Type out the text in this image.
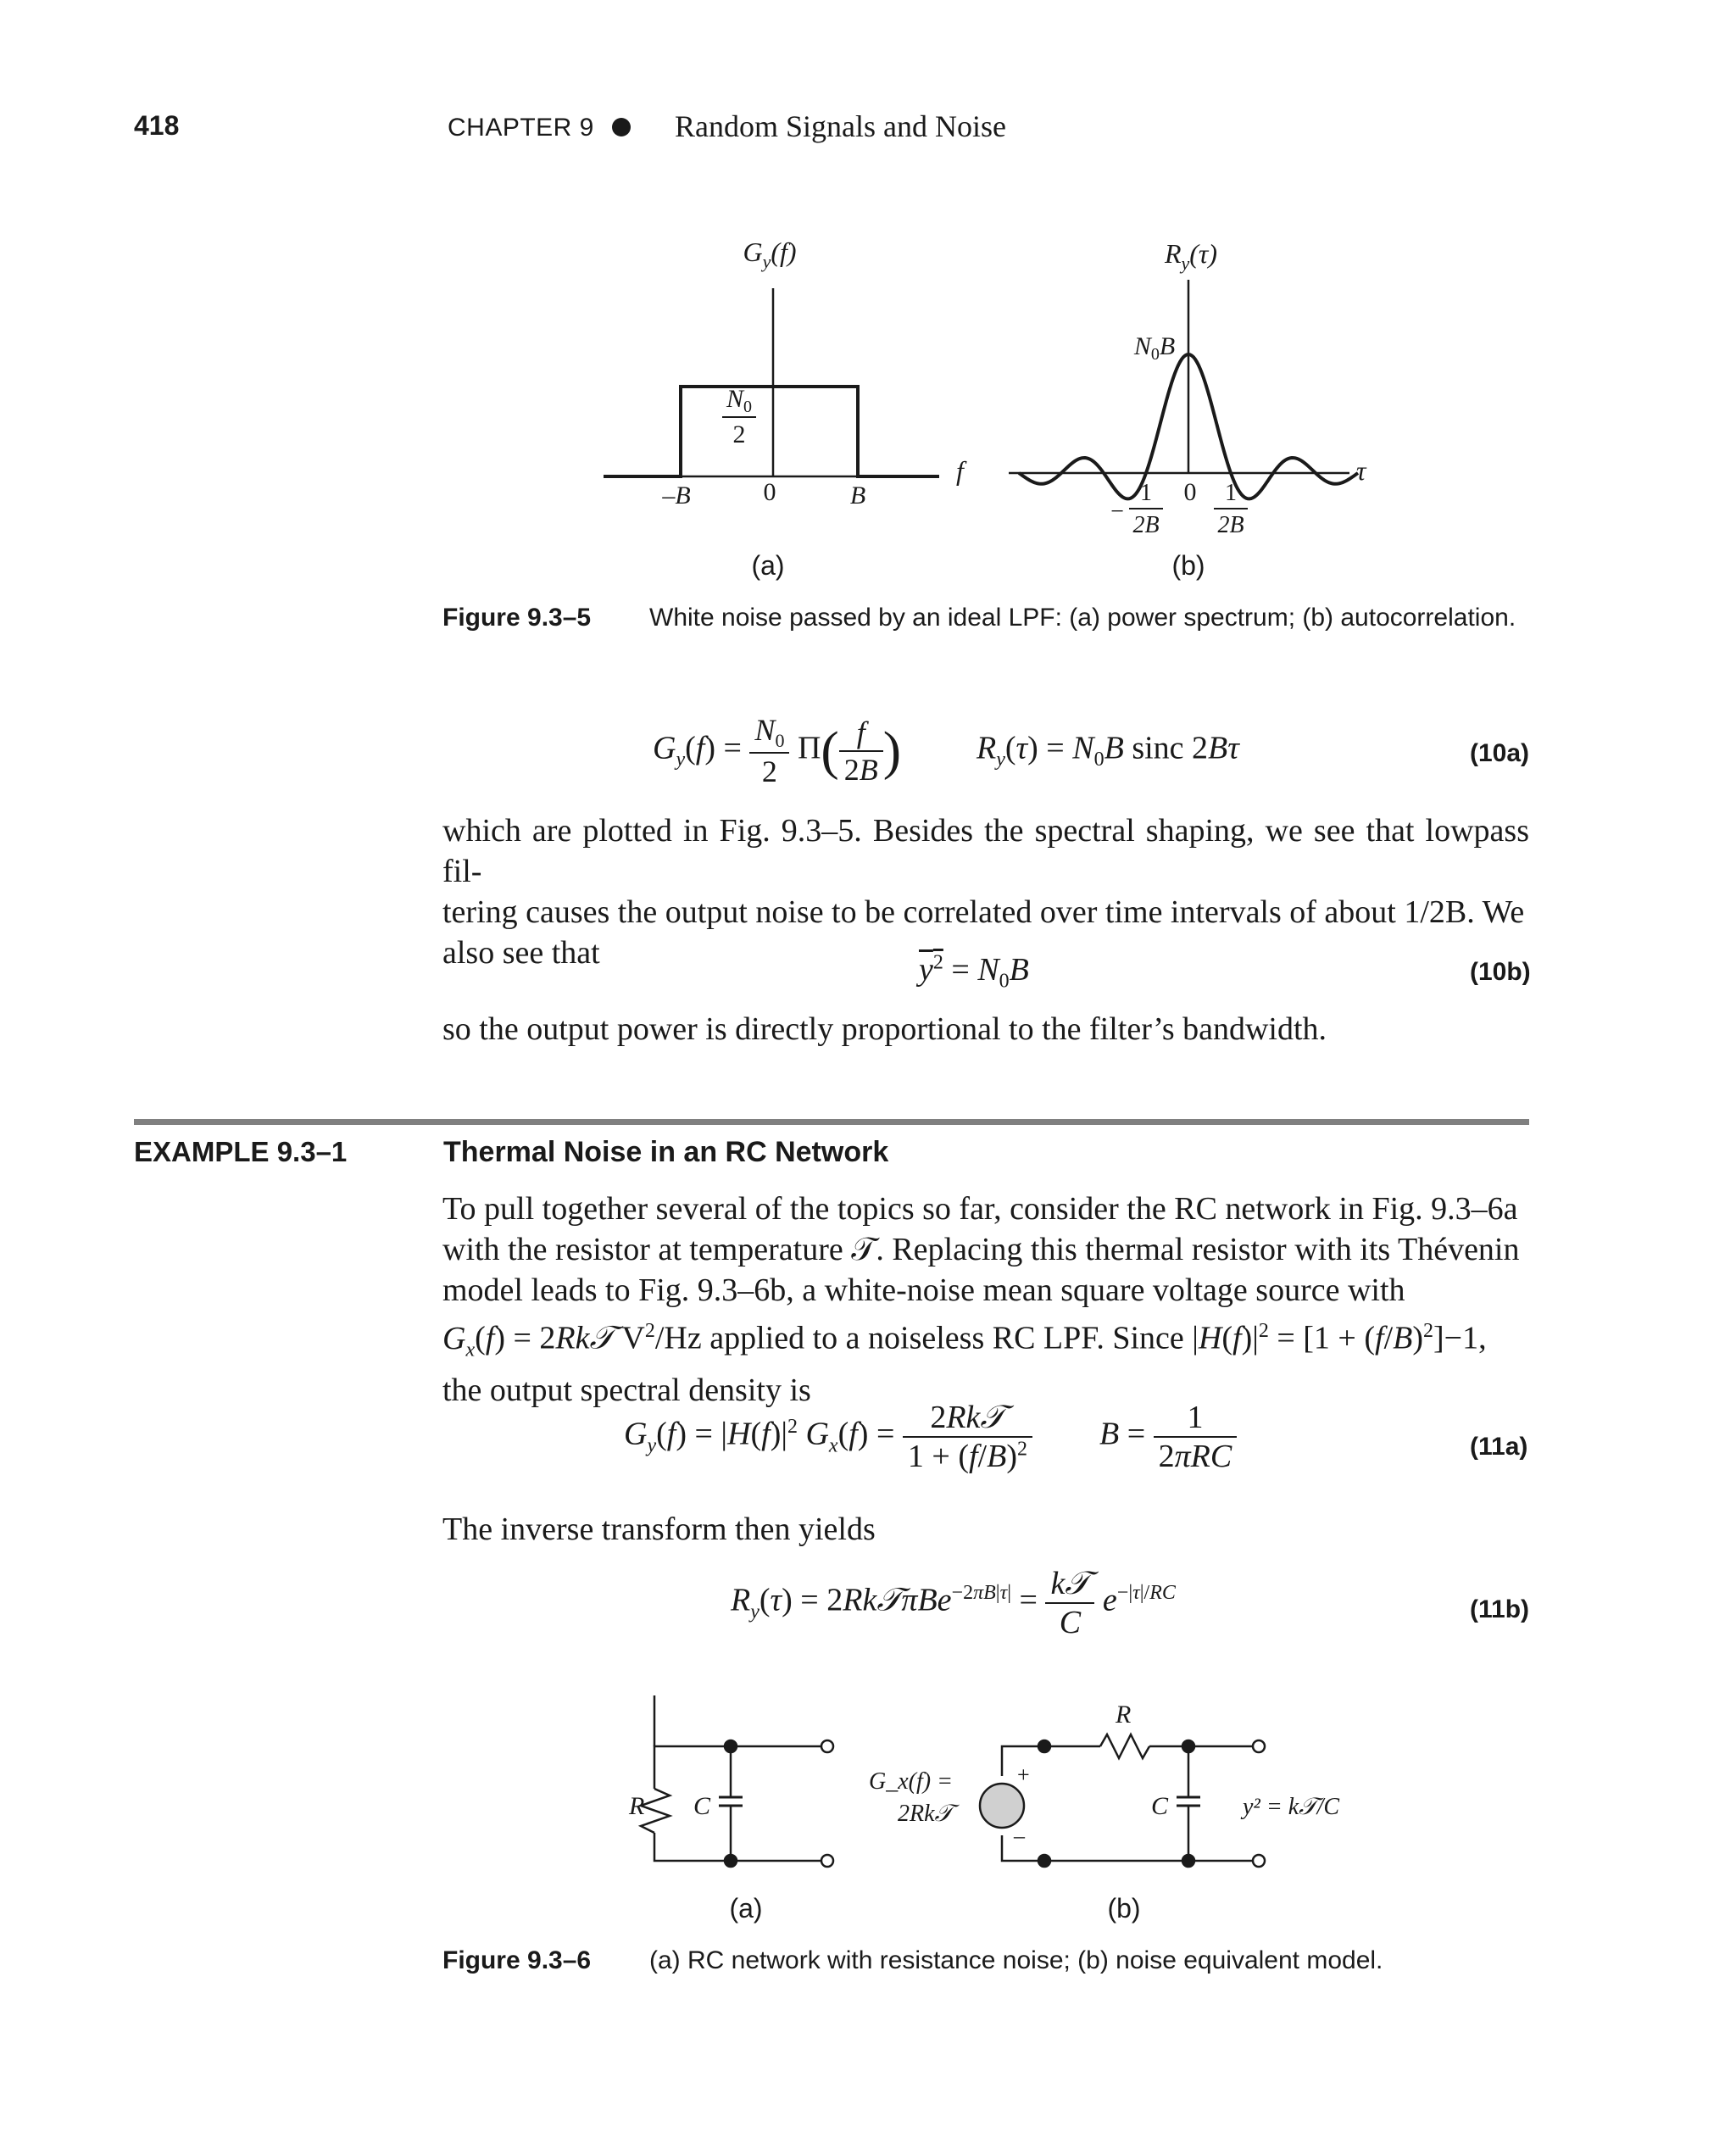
418	CHAPTER 9	Random Signals and Noise
$G_y(f)$
f
$N_0$
2
–B	0	B
(a)
$R_y(\tau)$
τ
$N_0B$
0
−
1
2B
1
2B
(b)
Figure 9.3–5 White noise passed by an ideal LPF: (a) power spectrum; (b) autocorrelation.
$G_y(f) = \frac{N_0}{2} \Pi( \frac{f}{2B}$ ) $R_y(\tau) = N_0B$ sinc 2Bτ	(10a)
which are plotted in Fig. 9.3–5. Besides the spectral shaping, we see that lowpass fil-
tering causes the output noise to be correlated over time intervals of about 1/2B. We
also see that	$y^2 = N_0B$	(10b)
so the output power is directly proportional to the filter’s bandwidth.
EXAMPLE 9.3–1	Thermal Noise in an RC Network
To pull together several of the topics so far, consider the RC network in Fig. 9.3–6a
with the resistor at temperature 𝒯. Replacing this thermal resistor with its Thévenin
model leads to Fig. 9.3–6b, a white-noise mean square voltage source with
$G_x(f)$ = 2Rk𝒯 $V^2/Hz$ applied to a noiseless RC LPF. Since $|H(f)|^2 = [1 + (f/B)^2]-1$,
the output spectral density is
$G_y(f) = |H(f)|^2$ $G_x(f) = \frac{\text{2Rk𝒯}}{1 + (f/B)^2}$ $B = \frac{1}{\text{2πRC}}$	(11a)
The inverse transform then yields
$R_y(\tau)$ = 2Rk𝒯πBe$^{-2\pi B|\tau|}$ = $\frac{\text{k𝒯}}{C} e^{-|\tau|/RC}$
(11b)
R C
(a)
G_x(f) =
2Rk𝒯
+
–
R
C	y² = k𝒯/C
(b)
Figure 9.3–6 (a) RC network with resistance noise; (b) noise equivalent model.
